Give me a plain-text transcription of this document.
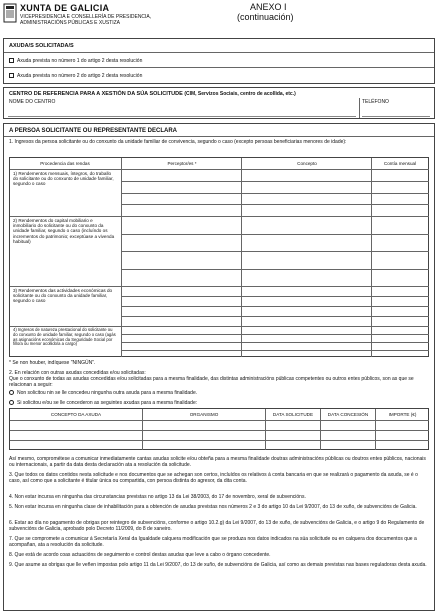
XUNTA DE GALICIA
VICEPRESIDENCIA E CONSELLERÍA DE PRESIDENCIA,
ADMINISTRACIÓNS PÚBLICAS E XUSTIZA
ANEXO I
(continuación)
AXUDA/S SOLICITADA/S
Axuda prevista no número 1 do artigo 2 desta resolución
Axuda prevista no número 2 do artigo 2 desta resolución
CENTRO DE REFERENCIA PARA A XESTIÓN DA SÚA SOLICITUDE (CIM, Servizos Sociais, centro de acollida, etc.)
NOME DO CENTRO	TELÉFONO
A PERSOA SOLICITANTE OU REPRESENTANTE DECLARA
1. Ingresos da persoa solicitante ou do conxunto da unidade familiar de convivencia, segundo o caso (excepto persoas beneficiarias menores de idade):
Procedencia das rendas	Perceptor/es *	Concepto	Contía mensual
1) Rendementos mensuais, íntegros, do traballo do solicitante ou do conxunto de unidade familiar, segundo o caso
2) Rendementos do capital mobiliario e inmobiliario do solicitante ou do conxunto da unidade familiar, segundo o caso (incluíndo os incrementos do patrimonio; exceptúase a vivenda habitual)
3) Rendementos das actividades económicas do solicitante ou do conxunto da unidade familiar, segundo o caso
4) Ingresos de natureza prestacional do solicitante ou do conxunto de unidade familiar, segundo o caso (agás as asignacións económicas da Seguridade Social por fillo/a ou menor acollido/a a cargo)
* Se non houber, indíquese "NINGÚN".
2. En relación con outras axudas concedidas e/ou solicitadas:
Que o conxunto de todas as axudas concedidas e/ou solicitadas para a mesma finalidade, das distintas administracións públicas competentes ou outros entes públicos, son as que se relacionan a seguir:
Non solicitou nin se lle concedeu ningunha outra axuda para a mesma finalidade.
Si solicitou e/ou se lle concederon as seguintes axudas para a mesma finalidade:
CONCEPTO DA AXUDA	ORGANISMO	DATA SOLICITUDE	DATA CONCESIÓN	IMPORTE (€)
Así mesmo, comprométese a comunicar inmediatamente cantas axudas solicite e/ou obteña para a mesma finalidade doutras administracións públicas ou doutros entes públicos, nacionais ou internacionais, a partir da data desta declaración ata a resolución da solicitude.
3. Que todos os datos contidos nesta solicitude e nos documentos que se achegan son certos, incluídos os relativos á conta bancaria en que se realizará o pagamento da axuda, se é o caso, así como que a solicitante é titular única ou compartida, con persoa distinta do agresor, da dita conta.
4. Non estar incursa en ningunha das circunstancias previstas no artigo 13 da Lei 38/2003, do 17 de novembro, xeral de subvencións.
5. Non estar incursa en ningunha clase de inhabilitación para a obtención de axudas previstas nos números 2 e 3 do artigo 10 da Lei 9/2007, do 13 de xuño, de subvencións de Galicia.
6. Estar ao día no pagamento de obrigas por reintegro de subvencións, conforme o artigo 10.2.g) da Lei 9/2007, do 13 de xuño, de subvencións de Galicia, e o artigo 9 do Regulamento de subvencións de Galicia, aprobado polo Decreto 11/2009, do 8 de xaneiro.
7. Que se compromete a comunicar á Secretaría Xeral da Igualdade calquera modificación que se produza nos datos indicados na súa solicitude ou en calquera dos documentos que a acompañan, ata a resolución da solicitude.
8. Que está de acordo coas actuacións de seguimento e control destas axudas que leve a cabo o órgano concedente.
9. Que asume as obrigas que lle veñen impostas polo artigo 11 da Lei 9/2007, do 13 de xuño, de subvencións de Galicia, así como as demais previstas nas bases reguladoras desta axuda.
